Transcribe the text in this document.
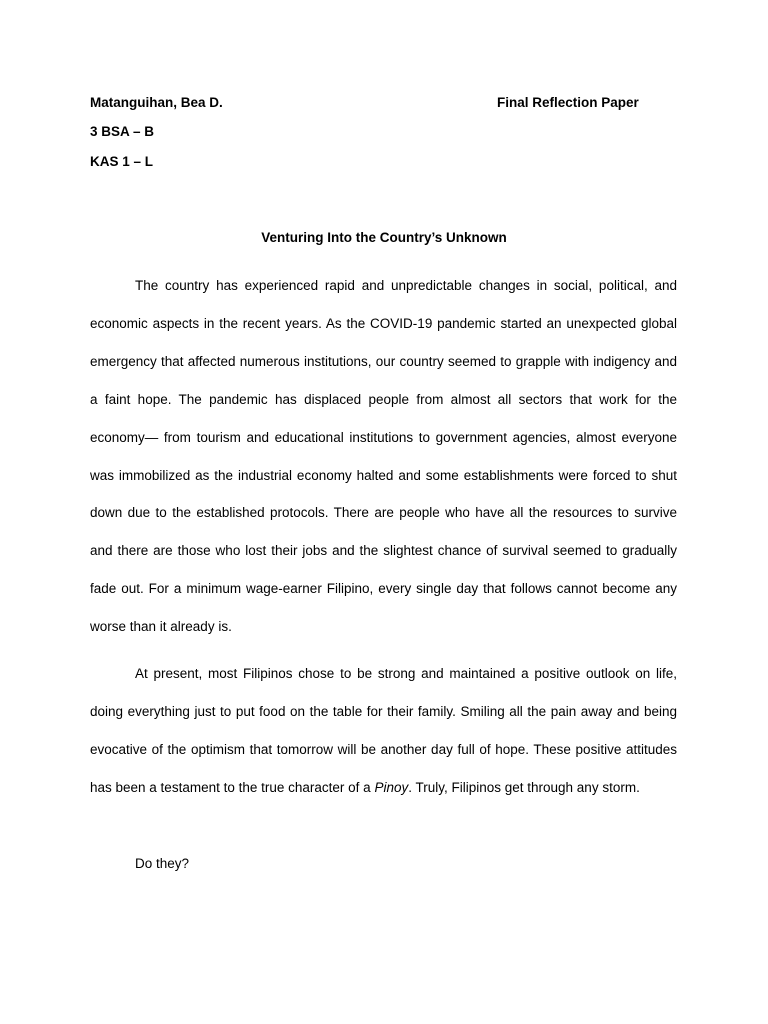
Matanguihan, Bea D.	Final Reflection Paper
3 BSA – B
KAS 1 – L
Venturing Into the Country’s Unknown

The country has experienced rapid and unpredictable changes in social, political, and economic aspects in the recent years. As the COVID-19 pandemic started an unexpected global emergency that affected numerous institutions, our country seemed to grapple with indigency and a faint hope. The pandemic has displaced people from almost all sectors that work for the economy— from tourism and educational institutions to government agencies, almost everyone was immobilized as the industrial economy halted and some establishments were forced to shut down due to the established protocols. There are people who have all the resources to survive and there are those who lost their jobs and the slightest chance of survival seemed to gradually fade out. For a minimum wage-earner Filipino, every single day that follows cannot become any worse than it already is.

At present, most Filipinos chose to be strong and maintained a positive outlook on life, doing everything just to put food on the table for their family. Smiling all the pain away and being evocative of the optimism that tomorrow will be another day full of hope. These positive attitudes has been a testament to the true character of a Pinoy. Truly, Filipinos get through any storm.

Do they?
